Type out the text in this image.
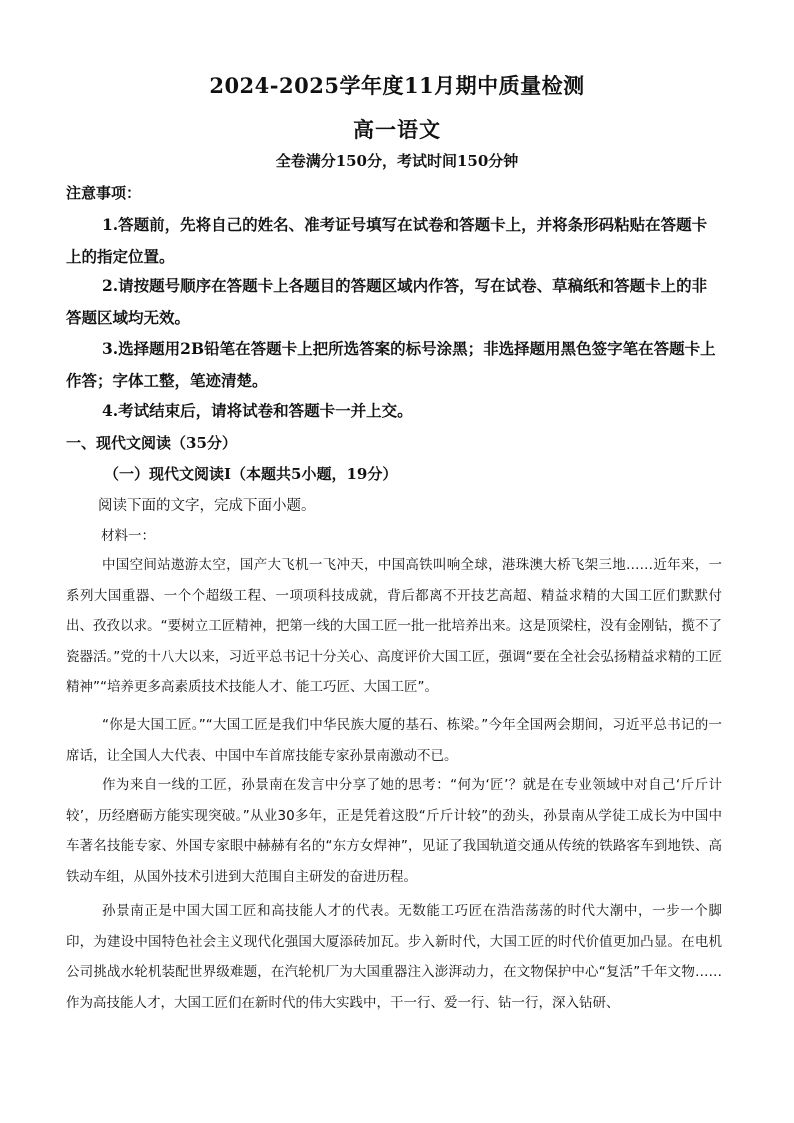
2024-2025学年度11月期中质量检测
高一语文
全卷满分150分，考试时间150分钟
注意事项：
1.答题前，先将自己的姓名、准考证号填写在试卷和答题卡上，并将条形码粘贴在答题卡上的指定位置。
2.请按题号顺序在答题卡上各题目的答题区域内作答，写在试卷、草稿纸和答题卡上的非答题区域均无效。
3.选择题用2B铅笔在答题卡上把所选答案的标号涂黑；非选择题用黑色签字笔在答题卡上作答；字体工整，笔迹清楚。
4.考试结束后，请将试卷和答题卡一并上交。
一、现代文阅读（35分）
（一）现代文阅读Ⅰ（本题共5小题，19分）
阅读下面的文字，完成下面小题。
材料一：
中国空间站遨游太空，国产大飞机一飞冲天，中国高铁叫响全球，港珠澳大桥飞架三地……近年来，一系列大国重器、一个个超级工程、一项项科技成就，背后都离不开技艺高超、精益求精的大国工匠们默默付出、孜孜以求。“要树立工匠精神，把第一线的大国工匠一批一批培养出来。这是顶梁柱，没有金刚钻，揽不了瓷器活。”党的十八大以来，习近平总书记十分关心、高度评价大国工匠，强调“要在全社会弘扬精益求精的工匠精神”“培养更多高素质技术技能人才、能工巧匠、大国工匠”。
“你是大国工匠。”“大国工匠是我们中华民族大厦的基石、栋梁。”今年全国两会期间，习近平总书记的一席话，让全国人大代表、中国中车首席技能专家孙景南激动不已。
作为来自一线的工匠，孙景南在发言中分享了她的思考：“何为‘匠’？就是在专业领域中对自己‘斤斤计较’，历经磨砺方能实现突破。”从业30多年，正是凭着这股“斤斤计较”的劲头，孙景南从学徒工成长为中国中车著名技能专家、外国专家眼中赫赫有名的“东方女焊神”，见证了我国轨道交通从传统的铁路客车到地铁、高铁动车组，从国外技术引进到大范围自主研发的奋进历程。
孙景南正是中国大国工匠和高技能人才的代表。无数能工巧匠在浩浩荡荡的时代大潮中，一步一个脚印，为建设中国特色社会主义现代化强国大厦添砖加瓦。步入新时代，大国工匠的时代价值更加凸显。在电机公司挑战水轮机装配世界级难题，在汽轮机厂为大国重器注入澎湃动力，在文物保护中心“复活”千年文物……作为高技能人才，大国工匠们在新时代的伟大实践中，干一行、爱一行、钻一行，深入钻研、
